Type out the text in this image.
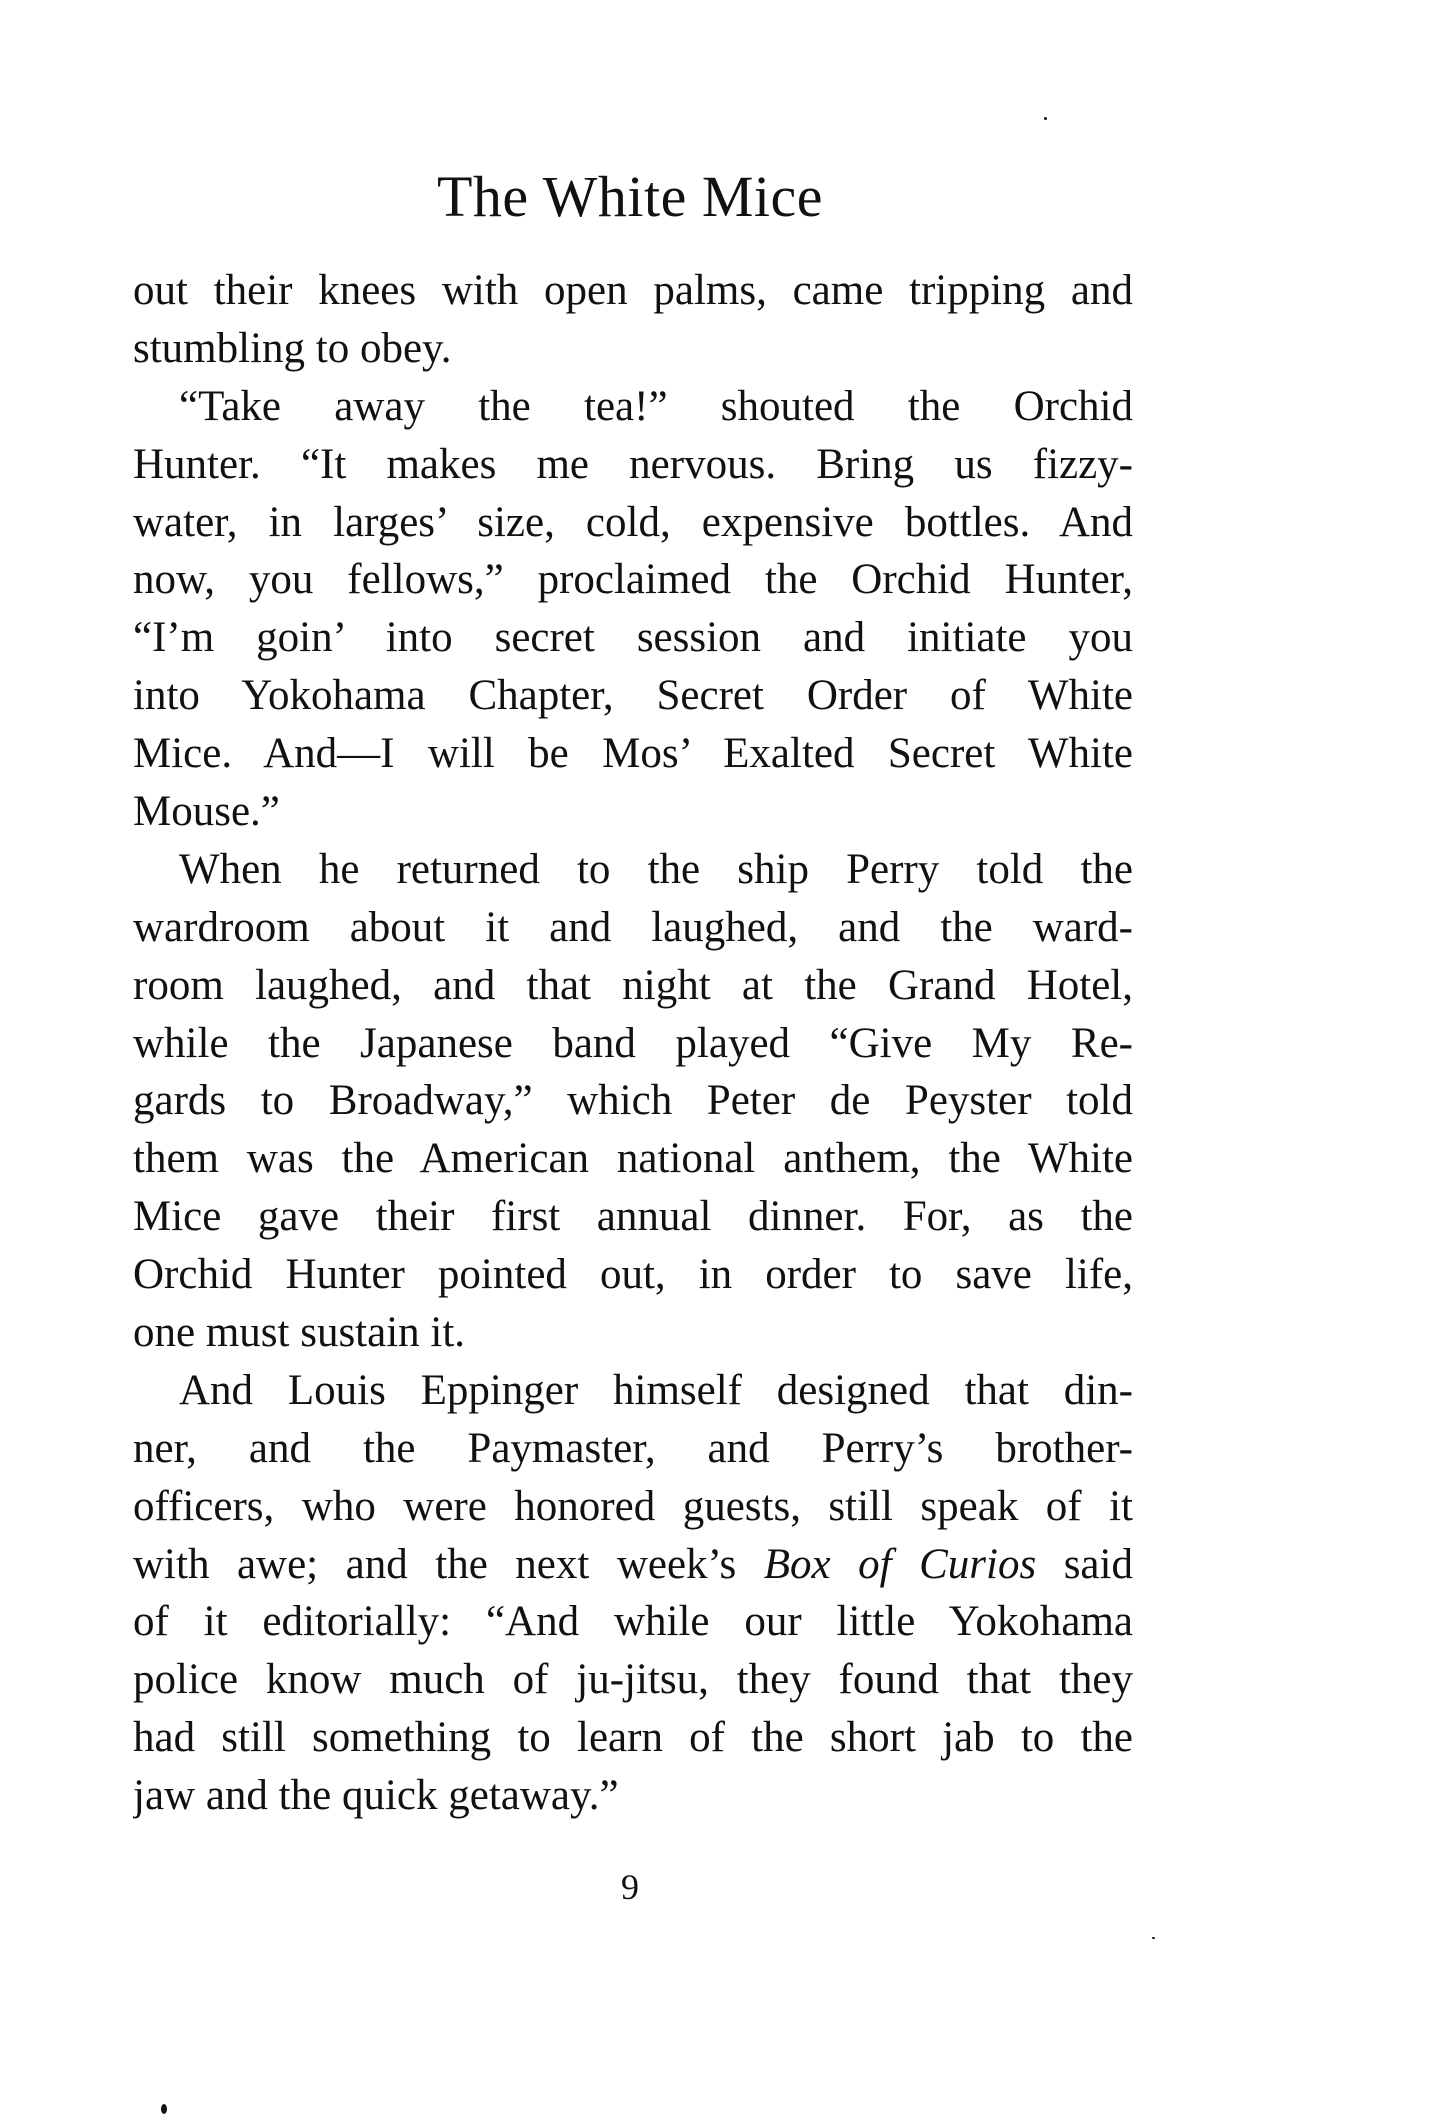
The White Mice
out their knees with open palms, came tripping and
stumbling to obey.
“Take away the tea!” shouted the Orchid
Hunter. “It makes me nervous. Bring us fizzy-
water, in larges’ size, cold, expensive bottles. And
now, you fellows,” proclaimed the Orchid Hunter,
“I’m goin’ into secret session and initiate you
into Yokohama Chapter, Secret Order of White
Mice. And—I will be Mos’ Exalted Secret White
Mouse.”
When he returned to the ship Perry told the
wardroom about it and laughed, and the ward-
room laughed, and that night at the Grand Hotel,
while the Japanese band played “Give My Re-
gards to Broadway,” which Peter de Peyster told
them was the American national anthem, the White
Mice gave their first annual dinner. For, as the
Orchid Hunter pointed out, in order to save life,
one must sustain it.
And Louis Eppinger himself designed that din-
ner, and the Paymaster, and Perry’s brother-
officers, who were honored guests, still speak of it
with awe; and the next week’s Box of Curios said
of it editorially: “And while our little Yokohama
police know much of ju-jitsu, they found that they
had still something to learn of the short jab to the
jaw and the quick getaway.”
9
